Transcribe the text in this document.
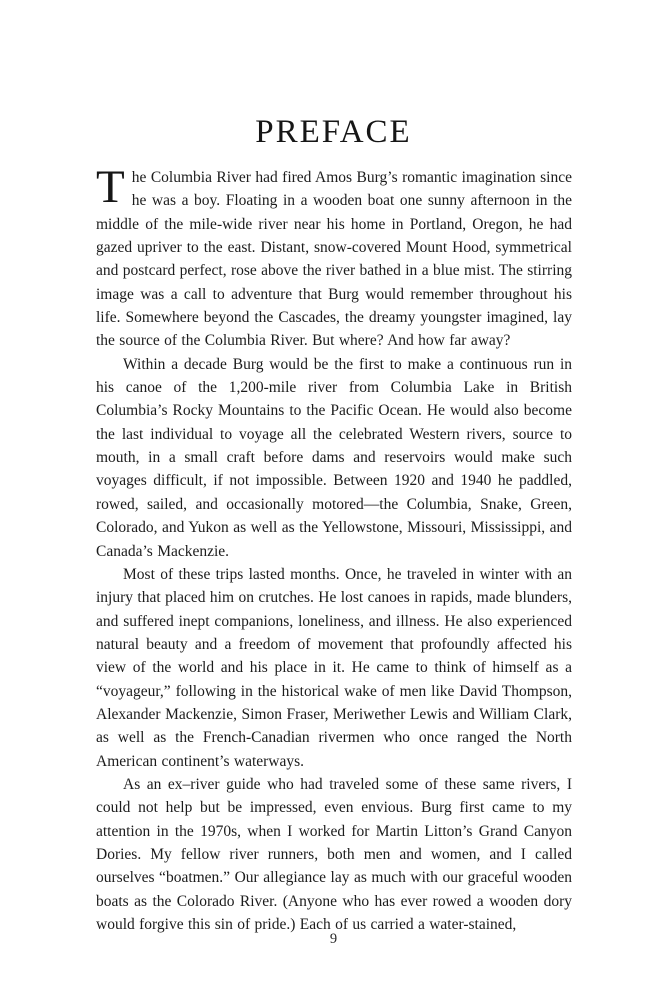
PREFACE

The Columbia River had fired Amos Burg’s romantic imagination since he was a boy. Floating in a wooden boat one sunny afternoon in the middle of the mile-wide river near his home in Portland, Oregon, he had gazed upriver to the east. Distant, snow-covered Mount Hood, symmetrical and postcard perfect, rose above the river bathed in a blue mist. The stirring image was a call to adventure that Burg would remember throughout his life. Somewhere beyond the Cascades, the dreamy youngster imagined, lay the source of the Columbia River. But where? And how far away?

Within a decade Burg would be the first to make a continuous run in his canoe of the 1,200-mile river from Columbia Lake in British Columbia’s Rocky Mountains to the Pacific Ocean. He would also become the last individual to voyage all the celebrated Western rivers, source to mouth, in a small craft before dams and reservoirs would make such voyages difficult, if not impossible. Between 1920 and 1940 he paddled, rowed, sailed, and occasionally motored—the Columbia, Snake, Green, Colorado, and Yukon as well as the Yellowstone, Missouri, Mississippi, and Canada’s Mackenzie.

Most of these trips lasted months. Once, he traveled in winter with an injury that placed him on crutches. He lost canoes in rapids, made blunders, and suffered inept companions, loneliness, and illness. He also experienced natural beauty and a freedom of movement that profoundly affected his view of the world and his place in it. He came to think of himself as a “voyageur,” following in the historical wake of men like David Thompson, Alexander Mackenzie, Simon Fraser, Meriwether Lewis and William Clark, as well as the French-Canadian rivermen who once ranged the North American continent’s waterways.

As an ex–river guide who had traveled some of these same rivers, I could not help but be impressed, even envious. Burg first came to my attention in the 1970s, when I worked for Martin Litton’s Grand Canyon Dories. My fellow river runners, both men and women, and I called ourselves “boatmen.” Our allegiance lay as much with our graceful wooden boats as the Colorado River. (Anyone who has ever rowed a wooden dory would forgive this sin of pride.) Each of us carried a water-stained,

9
